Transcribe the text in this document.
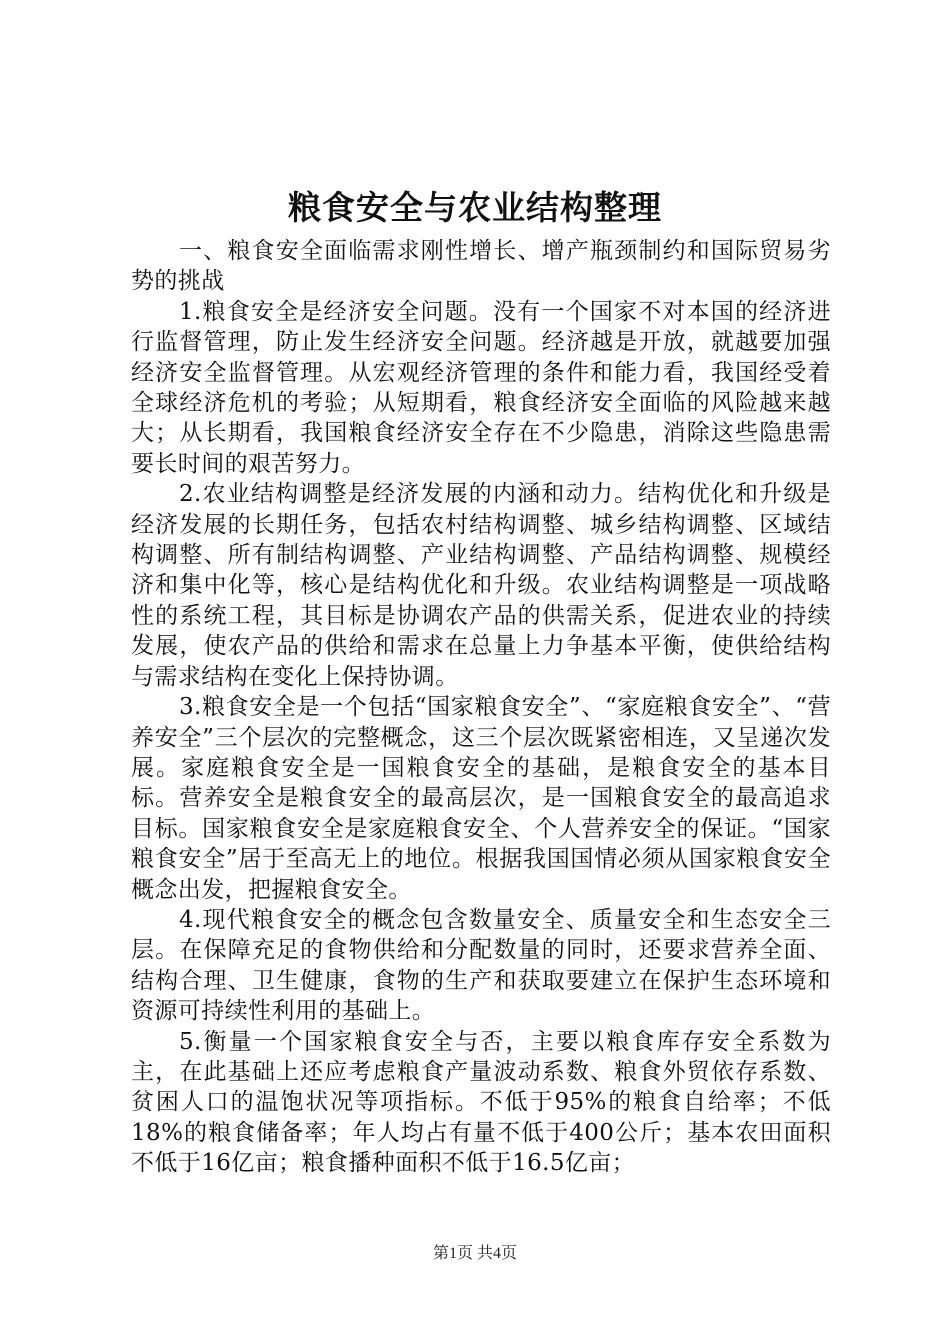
粮食安全与农业结构整理

一、粮食安全面临需求刚性增长、增产瓶颈制约和国际贸易劣势的挑战

1.粮食安全是经济安全问题。没有一个国家不对本国的经济进行监督管理，防止发生经济安全问题。经济越是开放，就越要加强经济安全监督管理。从宏观经济管理的条件和能力看，我国经受着全球经济危机的考验；从短期看，粮食经济安全面临的风险越来越大；从长期看，我国粮食经济安全存在不少隐患，消除这些隐患需要长时间的艰苦努力。

2.农业结构调整是经济发展的内涵和动力。结构优化和升级是经济发展的长期任务，包括农村结构调整、城乡结构调整、区域结构调整、所有制结构调整、产业结构调整、产品结构调整、规模经济和集中化等，核心是结构优化和升级。农业结构调整是一项战略性的系统工程，其目标是协调农产品的供需关系，促进农业的持续发展，使农产品的供给和需求在总量上力争基本平衡，使供给结构与需求结构在变化上保持协调。

3.粮食安全是一个包括“国家粮食安全”、“家庭粮食安全”、“营养安全”三个层次的完整概念，这三个层次既紧密相连，又呈递次发展。家庭粮食安全是一国粮食安全的基础，是粮食安全的基本目标。营养安全是粮食安全的最高层次，是一国粮食安全的最高追求目标。国家粮食安全是家庭粮食安全、个人营养安全的保证。“国家粮食安全”居于至高无上的地位。根据我国国情必须从国家粮食安全概念出发，把握粮食安全。

4.现代粮食安全的概念包含数量安全、质量安全和生态安全三层。在保障充足的食物供给和分配数量的同时，还要求营养全面、结构合理、卫生健康，食物的生产和获取要建立在保护生态环境和资源可持续性利用的基础上。

5.衡量一个国家粮食安全与否，主要以粮食库存安全系数为主，在此基础上还应考虑粮食产量波动系数、粮食外贸依存系数、贫困人口的温饱状况等项指标。不低于95%的粮食自给率；不低18%的粮食储备率；年人均占有量不低于400公斤；基本农田面积不低于16亿亩；粮食播种面积不低于16.5亿亩；

第1页 共4页
